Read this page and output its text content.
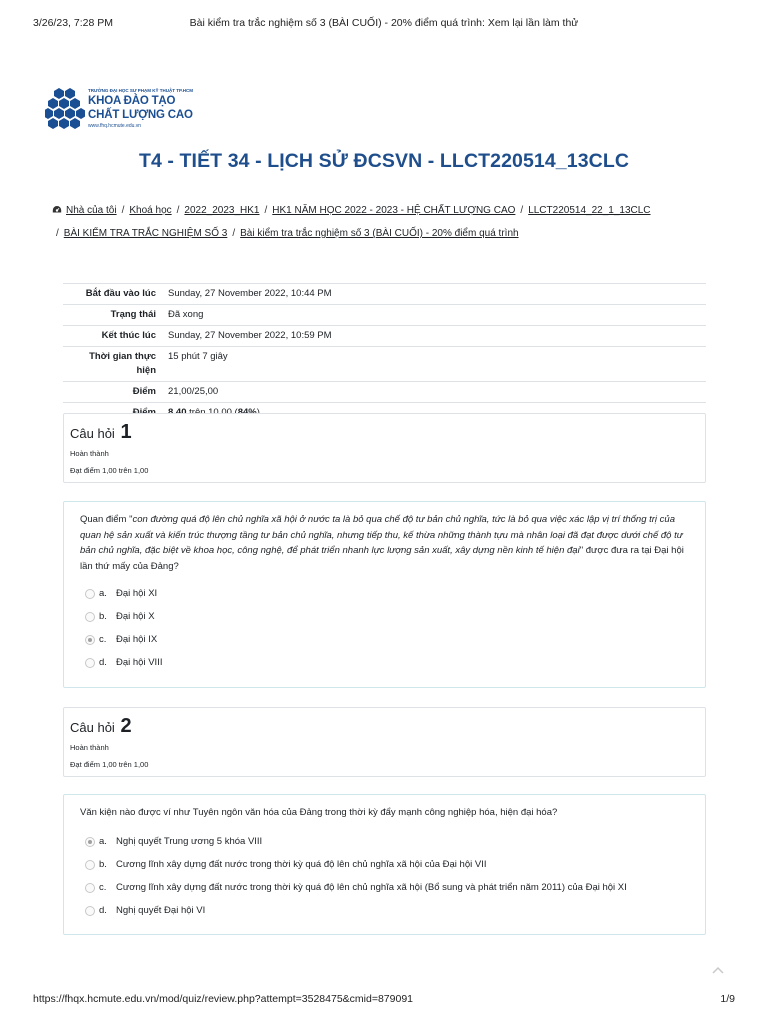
3/26/23, 7:28 PM	Bài kiểm tra trắc nghiệm số 3 (BÀI CUỐI) - 20% điểm quá trình: Xem lại lần làm thử
TRƯỜNG ĐẠI HỌC SƯ PHẠM KỸ THUẬT TP.HCM
KHOA ĐÀO TẠO
CHẤT LƯỢNG CAO
www.fhq.hcmute.edu.vn
T4 - TIẾT 34 - LỊCH SỬ ĐCSVN - LLCT220514_13CLC
Nhà của tôi / Khoá học / 2022_2023_HK1 / HK1 NĂM HỌC 2022 - 2023 - HỆ CHẤT LƯỢNG CAO / LLCT220514_22_1_13CLC
/ BÀI KIỂM TRA TRẮC NGHIỆM SỐ 3 / Bài kiểm tra trắc nghiệm số 3 (BÀI CUỐI) - 20% điểm quá trình
Bắt đầu vào lúc	Sunday, 27 November 2022, 10:44 PM
Trạng thái	Đã xong
Kết thúc lúc	Sunday, 27 November 2022, 10:59 PM
Thời gian thực hiện	15 phút 7 giây
Điểm	21,00/25,00

Câu hỏi 1
Hoàn thành
Đạt điểm 1,00 trên 1,00
Quan điểm "con đường quá độ lên chủ nghĩa xã hội ở nước ta là bỏ qua chế độ tư bản chủ nghĩa, tức là bỏ qua việc xác lập vị trí thống trị của quan hệ sản xuất và kiến trúc thượng tầng tư bản chủ nghĩa, nhưng tiếp thu, kế thừa những thành tựu mà nhân loại đã đạt được dưới chế độ tư bản chủ nghĩa, đặc biệt về khoa học, công nghệ, để phát triển nhanh lực lượng sản xuất, xây dựng nền kinh tế hiện đại" được đưa ra tại Đại hội lần thứ mấy của Đảng?
a. Đại hội XI
b. Đại hội X
c. Đại hội IX
d. Đại hội VIII
Câu hỏi 2
Hoàn thành
Đạt điểm 1,00 trên 1,00
Văn kiện nào được ví như Tuyên ngôn văn hóa của Đảng trong thời kỳ đẩy mạnh công nghiệp hóa, hiện đại hóa?
a. Nghị quyết Trung ương 5 khóa VIII
b. Cương lĩnh xây dựng đất nước trong thời kỳ quá độ lên chủ nghĩa xã hội của Đại hội VII
c. Cương lĩnh xây dựng đất nước trong thời kỳ quá độ lên chủ nghĩa xã hội (Bổ sung và phát triển năm 2011) của Đại hội XI
d. Nghị quyết Đại hội VI
https://fhqx.hcmute.edu.vn/mod/quiz/review.php?attempt=3528475&cmid=879091	1/9
